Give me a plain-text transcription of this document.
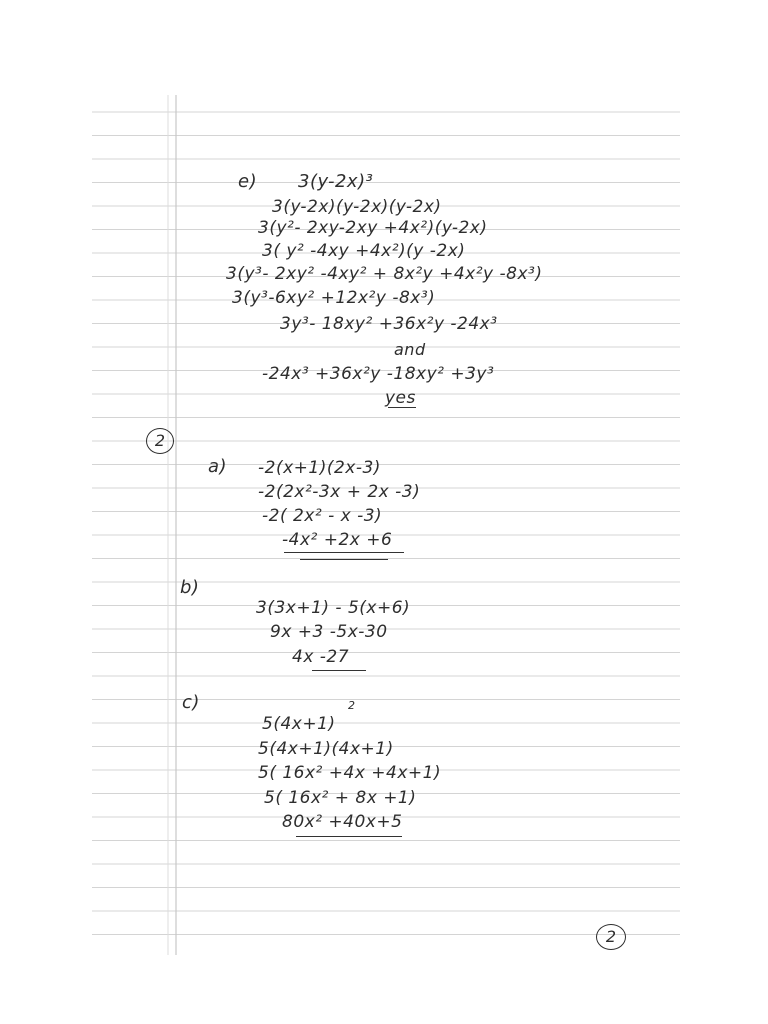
e) 3(y-2x)³
3(y-2x)(y-2x)(y-2x)
3(y²- 2xy-2xy +4x²)(y-2x)
3( y² -4xy +4x²)(y -2x)
3(y³- 2xy² -4xy² + 8x²y +4x²y -8x³)
3(y³-6xy² +12x²y -8x³)
3y³- 18xy² +36x²y -24x³
and
-24x³ +36x²y -18xy² +3y³
yes
2
a) -2(x+1)(2x-3)
-2(2x²-3x + 2x -3)
-2( 2x² - x -3)
-4x² +2x +6
b)
3(3x+1) - 5(x+6)
9x +3 -5x-30
4x -27
c)	2
5(4x+1)
5(4x+1)(4x+1)
5( 16x² +4x +4x+1)
5( 16x² + 8x +1)
80x² +40x+5
2
